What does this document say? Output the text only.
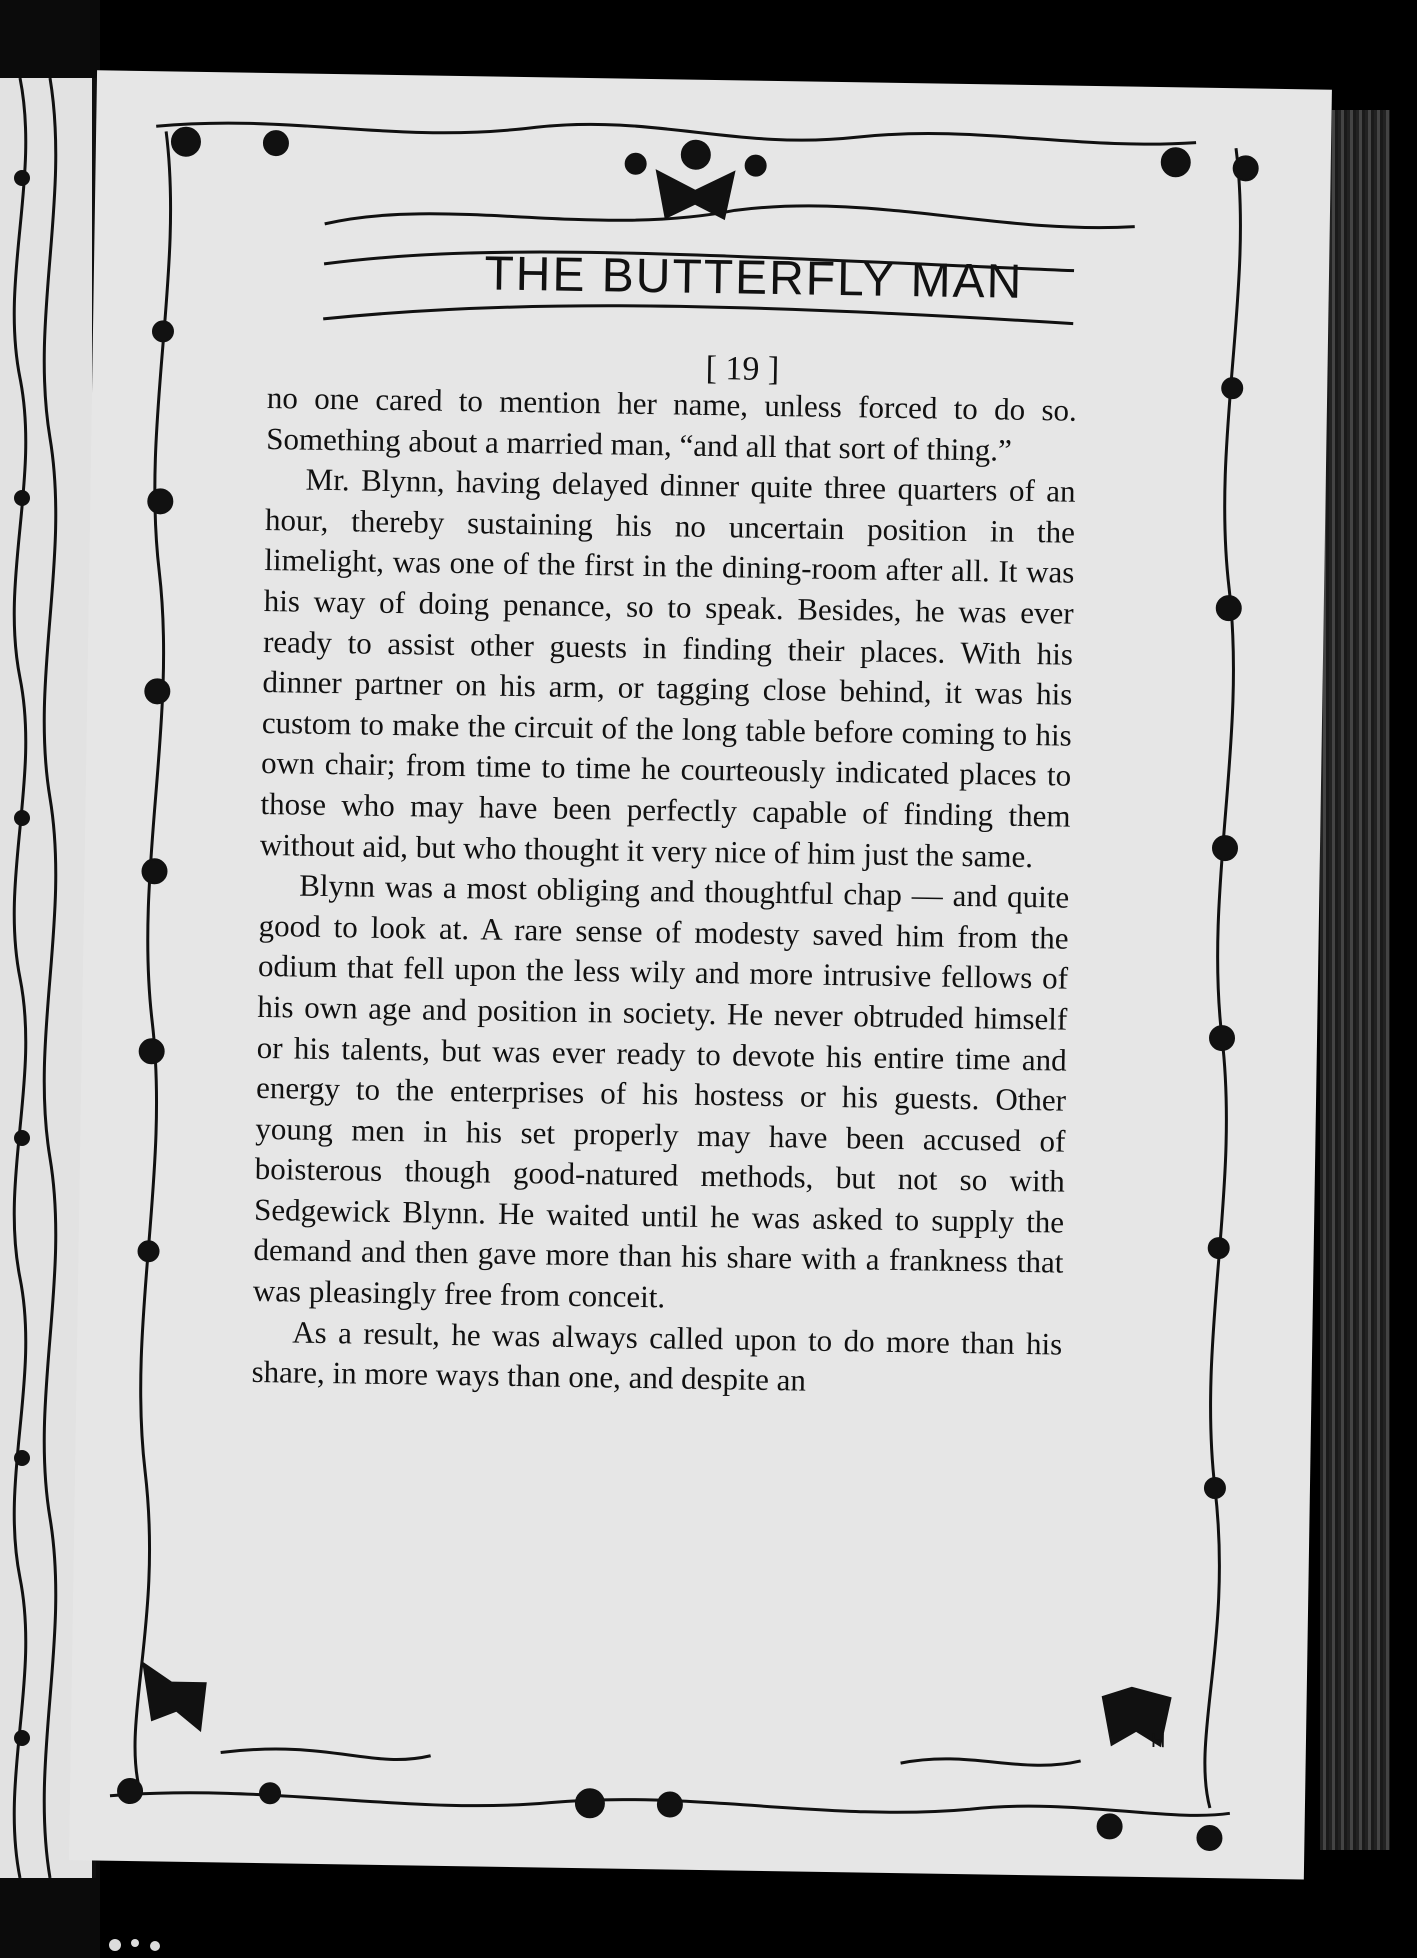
H
THE BUTTERFLY MAN
[ 19 ]

no one cared to mention her name, unless forced to do so. Something about a married man, “and all that sort of thing.”

Mr. Blynn, having delayed dinner quite three quarters of an hour, thereby sustaining his no uncertain position in the limelight, was one of the first in the dining-room after all. It was his way of doing penance, so to speak. Besides, he was ever ready to assist other guests in finding their places. With his dinner partner on his arm, or tagging close behind, it was his custom to make the circuit of the long table before coming to his own chair; from time to time he courteously indicated places to those who may have been perfectly capable of finding them without aid, but who thought it very nice of him just the same.

Blynn was a most obliging and thoughtful chap — and quite good to look at. A rare sense of modesty saved him from the odium that fell upon the less wily and more intrusive fellows of his own age and position in society. He never obtruded himself or his talents, but was ever ready to devote his entire time and energy to the enterprises of his hostess or his guests. Other young men in his set properly may have been accused of boisterous though good-natured methods, but not so with Sedgewick Blynn. He waited until he was asked to supply the demand and then gave more than his share with a frankness that was pleasingly free from conceit.

As a result, he was always called upon to do more than his share, in more ways than one, and despite an
